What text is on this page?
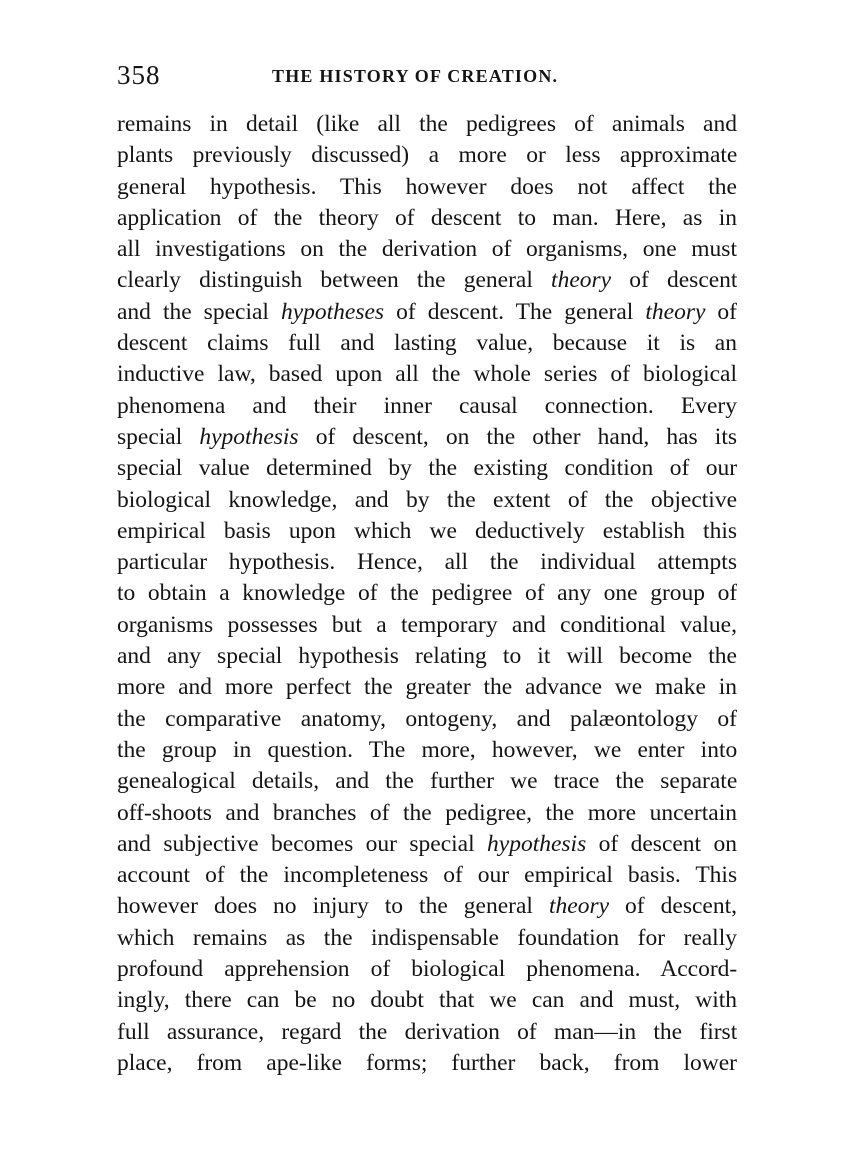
358	THE HISTORY OF CREATION.
remains in detail (like all the pedigrees of animals and
plants previously discussed) a more or less approximate
general hypothesis. This however does not affect the
application of the theory of descent to man. Here, as in
all investigations on the derivation of organisms, one must
clearly distinguish between the general theory of descent
and the special hypotheses of descent. The general theory of
descent claims full and lasting value, because it is an
inductive law, based upon all the whole series of biological
phenomena and their inner causal connection. Every
special hypothesis of descent, on the other hand, has its
special value determined by the existing condition of our
biological knowledge, and by the extent of the objective
empirical basis upon which we deductively establish this
particular hypothesis. Hence, all the individual attempts
to obtain a knowledge of the pedigree of any one group of
organisms possesses but a temporary and conditional value,
and any special hypothesis relating to it will become the
more and more perfect the greater the advance we make in
the comparative anatomy, ontogeny, and palæontology of
the group in question. The more, however, we enter into
genealogical details, and the further we trace the separate
off-shoots and branches of the pedigree, the more uncertain
and subjective becomes our special hypothesis of descent on
account of the incompleteness of our empirical basis. This
however does no injury to the general theory of descent,
which remains as the indispensable foundation for really
profound apprehension of biological phenomena. Accord-
ingly, there can be no doubt that we can and must, with
full assurance, regard the derivation of man—in the first
place, from ape-like forms; further back, from lower
